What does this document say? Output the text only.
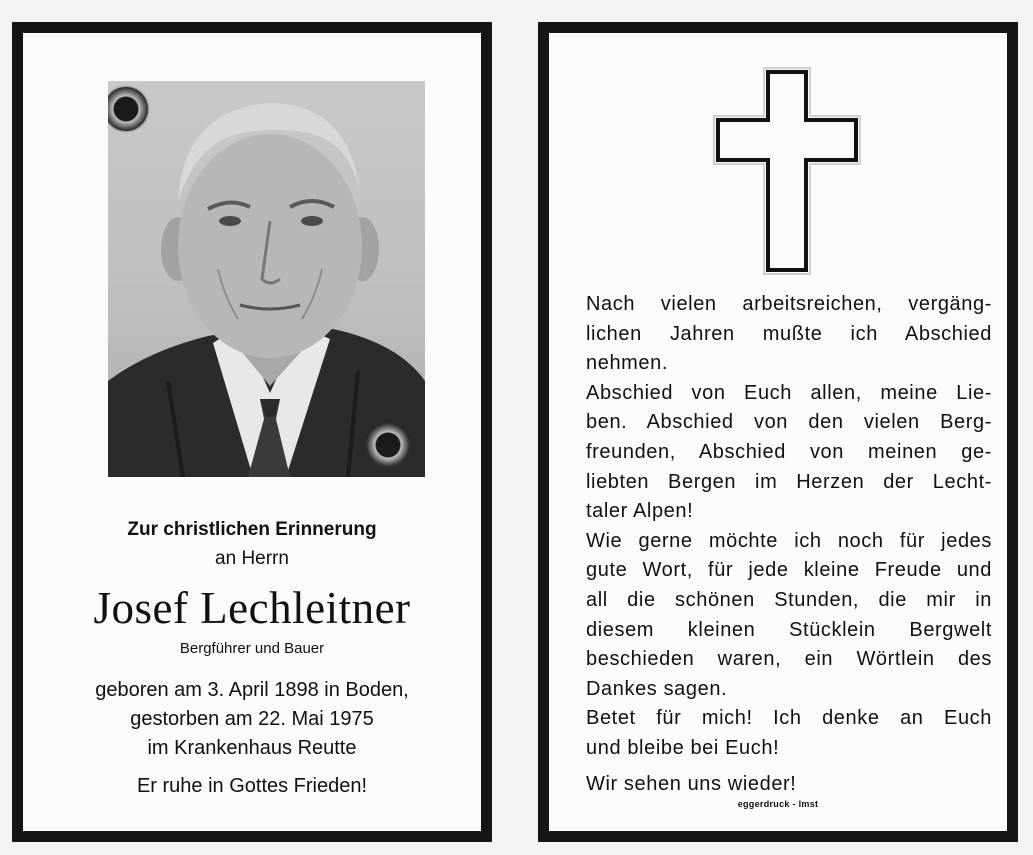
Zur christlichen Erinnerung
an Herrn
Josef Lechleitner
Bergführer und Bauer
geboren am 3. April 1898 in Boden,
gestorben am 22. Mai 1975
im Krankenhaus Reutte
Er ruhe in Gottes Frieden!
Nach vielen arbeitsreichen, vergäng-
lichen Jahren mußte ich Abschied
nehmen.
Abschied von Euch allen, meine Lie-
ben. Abschied von den vielen Berg-
freunden, Abschied von meinen ge-
liebten Bergen im Herzen der Lecht-
taler Alpen!
Wie gerne möchte ich noch für jedes
gute Wort, für jede kleine Freude und
all die schönen Stunden, die mir in
diesem kleinen Stücklein Bergwelt
beschieden waren, ein Wörtlein des
Dankes sagen.
Betet für mich! Ich denke an Euch
und bleibe bei Euch!
Wir sehen uns wieder!
eggerdruck - Imst
